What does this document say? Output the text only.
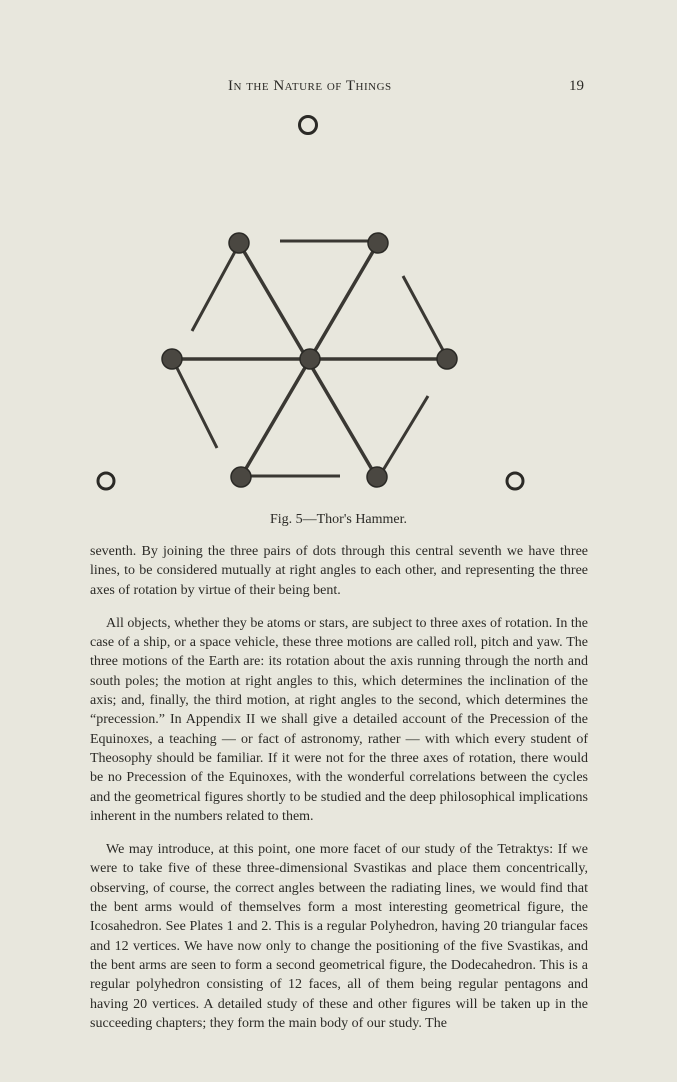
In the Nature of Things	19
Fig. 5—Thor's Hammer.

seventh. By joining the three pairs of dots through this central seventh we have three lines, to be considered mutually at right angles to each other, and representing the three axes of rotation by virtue of their being bent.

All objects, whether they be atoms or stars, are subject to three axes of rotation. In the case of a ship, or a space vehicle, these three motions are called roll, pitch and yaw. The three motions of the Earth are: its rotation about the axis running through the north and south poles; the motion at right angles to this, which determines the inclination of the axis; and, finally, the third motion, at right angles to the second, which determines the “precession.” In Appendix II we shall give a detailed account of the Precession of the Equinoxes, a teaching — or fact of astronomy, rather — with which every student of Theosophy should be familiar. If it were not for the three axes of rotation, there would be no Precession of the Equinoxes, with the wonderful correlations between the cycles and the geometrical figures shortly to be studied and the deep philosophical implications inherent in the numbers related to them.

We may introduce, at this point, one more facet of our study of the Tetraktys: If we were to take five of these three-dimensional Svastikas and place them concentrically, observing, of course, the correct angles between the radiating lines, we would find that the bent arms would of themselves form a most interesting geometrical figure, the Icosahedron. See Plates 1 and 2. This is a regular Polyhedron, having 20 triangular faces and 12 vertices. We have now only to change the positioning of the five Svastikas, and the bent arms are seen to form a second geometrical figure, the Dodecahedron. This is a regular polyhedron consisting of 12 faces, all of them being regular pentagons and having 20 vertices. A detailed study of these and other figures will be taken up in the succeeding chapters; they form the main body of our study. The
